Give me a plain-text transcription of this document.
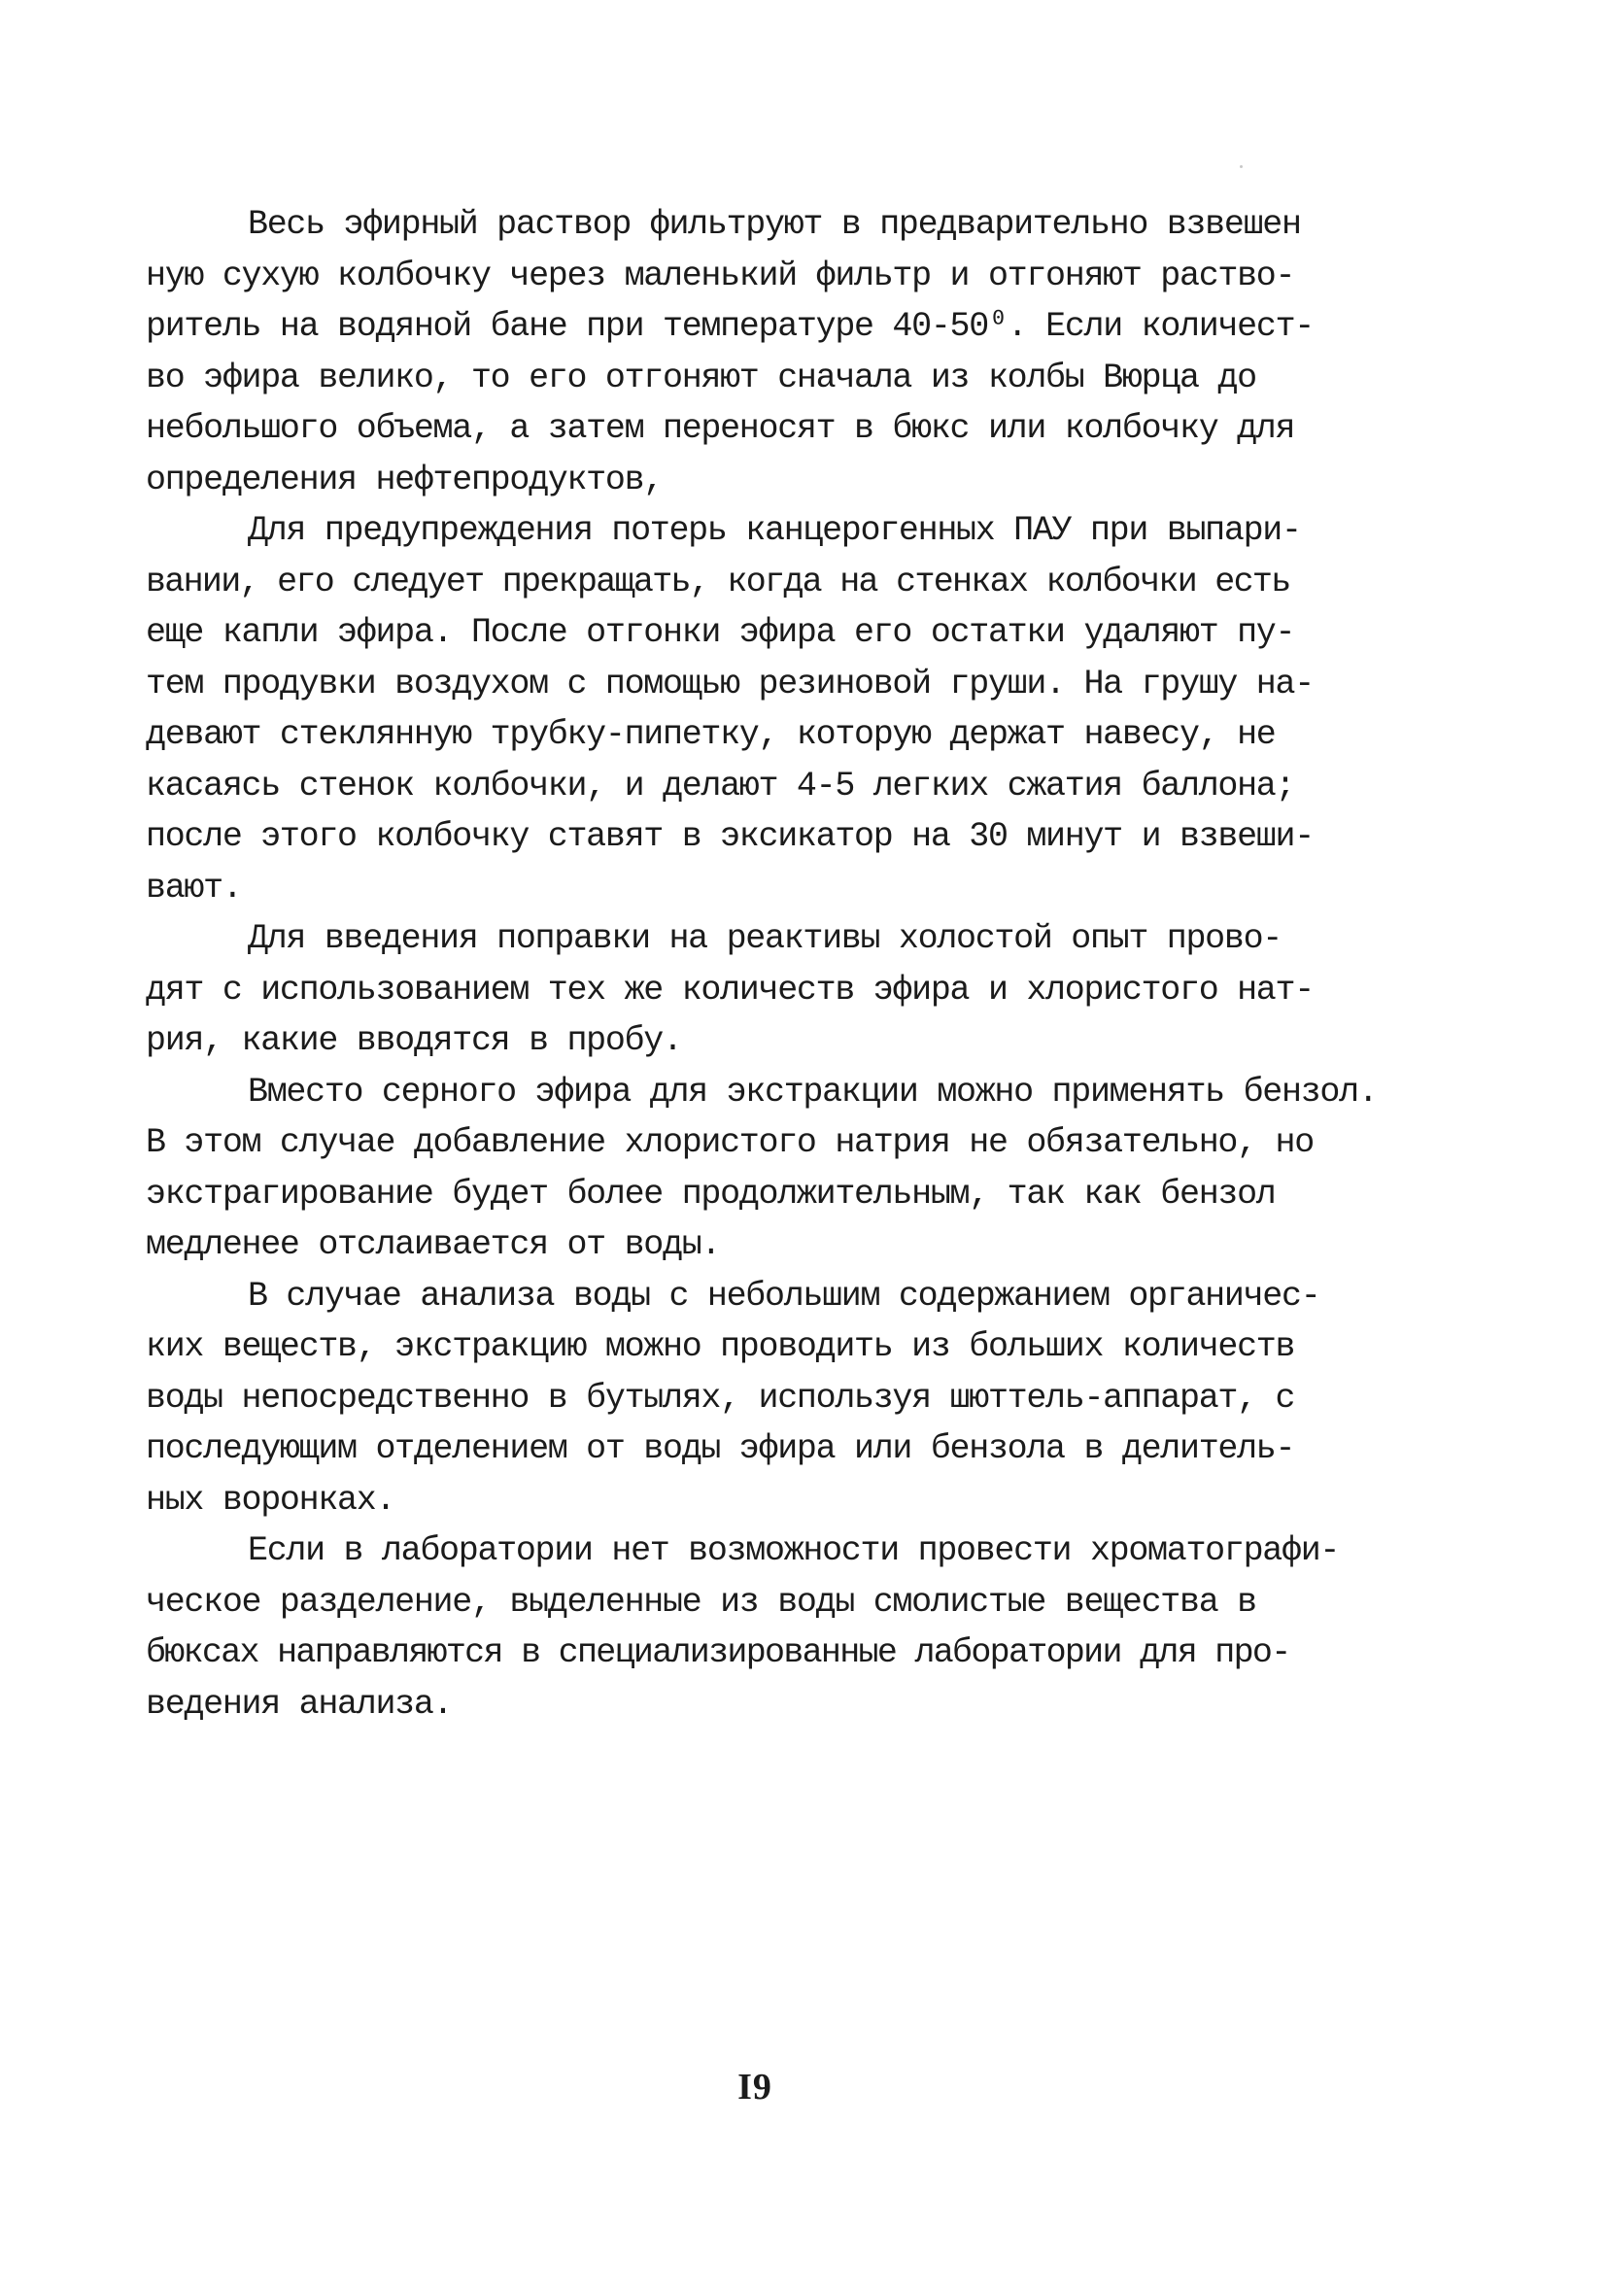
Весь эфирный раствор фильтруют в предварительно взвешен

ную сухую колбочку через маленький фильтр и отгоняют раство-

ритель на водяной бане при температуре 40-50⁰. Если количест-

во эфира велико, то его отгоняют сначала из колбы Вюрца до

небольшого объема, а затем переносят в бюкс или колбочку для

определения нефтепродуктов,

Для предупреждения потерь канцерогенных ПАУ при выпари-

вании, его следует прекращать, когда на стенках колбочки есть

еще капли эфира. После отгонки эфира его остатки удаляют пу-

тем продувки воздухом с помощью резиновой груши. На грушу на-

девают стеклянную трубку-пипетку, которую держат навесу, не

касаясь стенок колбочки, и делают 4-5 легких сжатия баллона;

после этого колбочку ставят в эксикатор на 30 минут и взвеши-

вают.

Для введения поправки на реактивы холостой опыт прово-

дят с использованием тех же количеств эфира и хлористого нат-

рия, какие вводятся в пробу.

Вместо серного эфира для экстракции можно применять бензол.

В этом случае добавление хлористого натрия не обязательно, но

экстрагирование будет более продолжительным, так как бензол

медленее отслаивается от воды.

В случае анализа воды с небольшим содержанием органичес-

ких веществ, экстракцию можно проводить из больших количеств

воды непосредственно в бутылях, используя шюттель-аппарат, с

последующим отделением от воды эфира или бензола в делитель-

ных воронках.

Если в лаборатории нет возможности провести хроматографи-

ческое разделение, выделенные из воды смолистые вещества в

бюксах направляются в специализированные лаборатории для про-

ведения анализа.

I9
